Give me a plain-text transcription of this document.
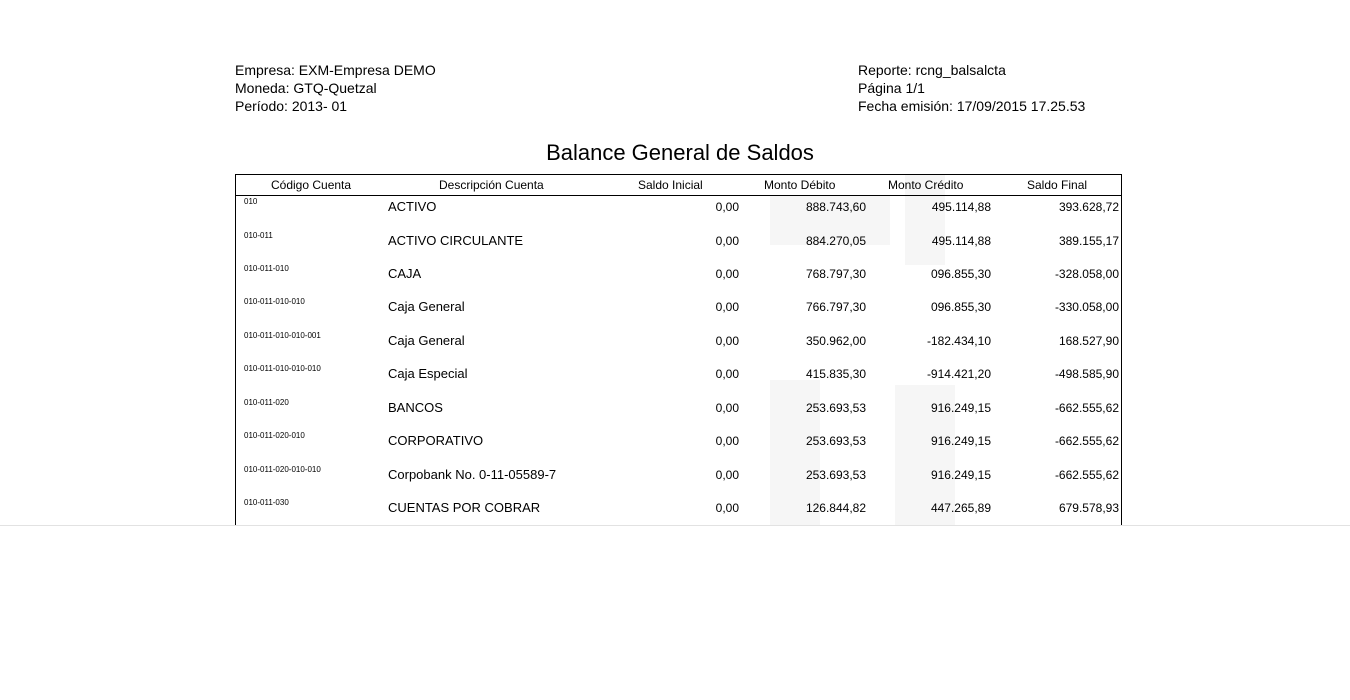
Empresa: EXM-Empresa DEMO
Moneda: GTQ-Quetzal
Período: 2013- 01
Reporte: rcng_balsalcta
Página 1/1
Fecha emisión: 17/09/2015 17.25.53
Balance General de Saldos
Código Cuenta	Descripción Cuenta	Saldo Inicial	Monto Débito	Monto Crédito	Saldo Final
010	ACTIVO	0,00	888.743,60	495.114,88	393.628,72
010-011	ACTIVO CIRCULANTE	0,00	884.270,05	495.114,88	389.155,17
010-011-010	CAJA	0,00	768.797,30	096.855,30	-328.058,00
010-011-010-010	Caja General	0,00	766.797,30	096.855,30	-330.058,00
010-011-010-010-001	Caja General	0,00	350.962,00	-182.434,10	168.527,90
010-011-010-010-010	Caja Especial	0,00	415.835,30	-914.421,20	-498.585,90
010-011-020	BANCOS	0,00	253.693,53	916.249,15	-662.555,62
010-011-020-010	CORPORATIVO	0,00	253.693,53	916.249,15	-662.555,62
010-011-020-010-010	Corpobank No. 0-11-05589-7	0,00	253.693,53	916.249,15	-662.555,62
010-011-030	CUENTAS POR COBRAR	0,00	126.844,82	447.265,89	679.578,93
